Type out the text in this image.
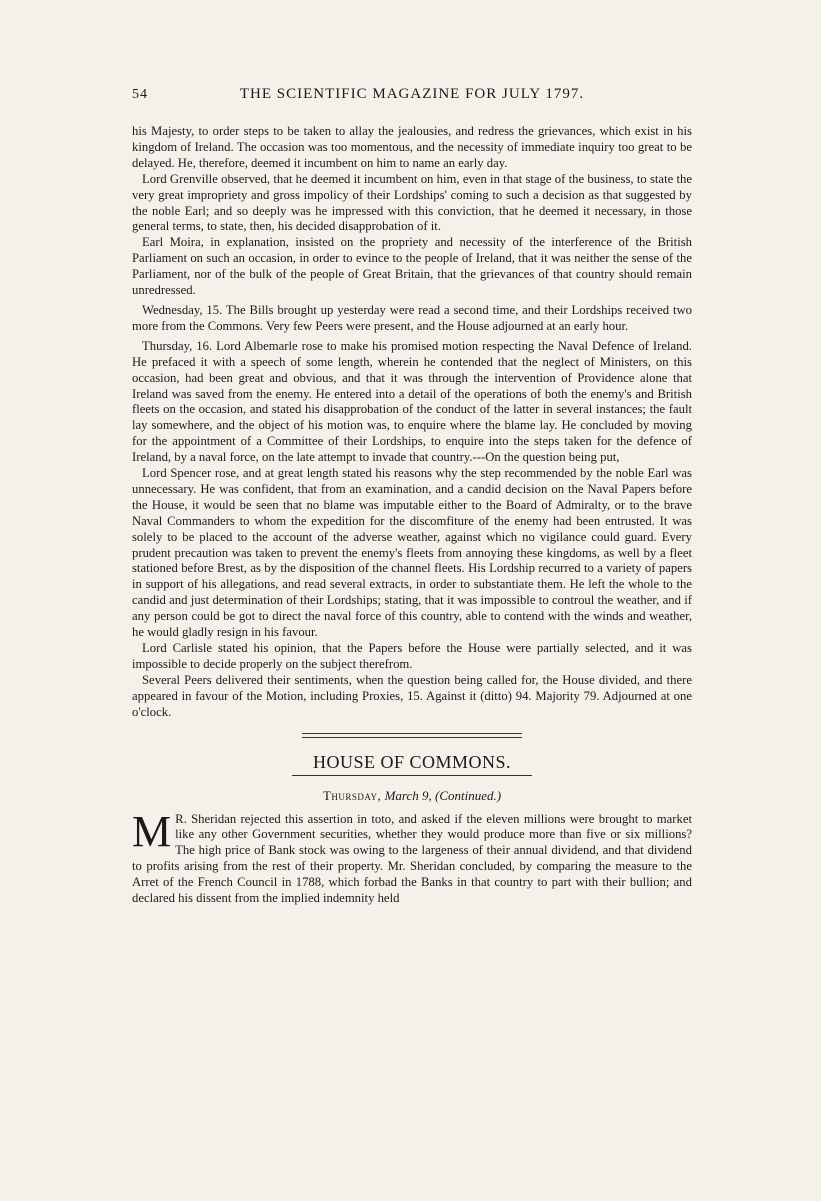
54	THE SCIENTIFIC MAGAZINE FOR JULY 1797.

his Majesty, to order steps to be taken to allay the jealousies, and redress the grievances, which exist in his kingdom of Ireland. The occasion was too momentous, and the necessity of immediate inquiry too great to be delayed. He, therefore, deemed it incumbent on him to name an early day.

Lord Grenville observed, that he deemed it incumbent on him, even in that stage of the business, to state the very great impropriety and gross impolicy of their Lordships' coming to such a decision as that suggested by the noble Earl; and so deeply was he impressed with this conviction, that he deemed it necessary, in those general terms, to state, then, his decided disapprobation of it.

Earl Moira, in explanation, insisted on the propriety and necessity of the interference of the British Parliament on such an occasion, in order to evince to the people of Ireland, that it was neither the sense of the Parliament, nor of the bulk of the people of Great Britain, that the grievances of that country should remain unredressed.

Wednesday, 15. The Bills brought up yesterday were read a second time, and their Lordships received two more from the Commons. Very few Peers were present, and the House adjourned at an early hour.

Thursday, 16. Lord Albemarle rose to make his promised motion respecting the Naval Defence of Ireland. He prefaced it with a speech of some length, wherein he contended that the neglect of Ministers, on this occasion, had been great and obvious, and that it was through the intervention of Providence alone that Ireland was saved from the enemy. He entered into a detail of the operations of both the enemy's and British fleets on the occasion, and stated his disapprobation of the conduct of the latter in several instances; the fault lay somewhere, and the object of his motion was, to enquire where the blame lay. He concluded by moving for the appointment of a Committee of their Lordships, to enquire into the steps taken for the defence of Ireland, by a naval force, on the late attempt to invade that country.---On the question being put,

Lord Spencer rose, and at great length stated his reasons why the step recommended by the noble Earl was unnecessary. He was confident, that from an examination, and a candid decision on the Naval Papers before the House, it would be seen that no blame was imputable either to the Board of Admiralty, or to the brave Naval Commanders to whom the expedition for the discomfiture of the enemy had been entrusted. It was solely to be placed to the account of the adverse weather, against which no vigilance could guard. Every prudent precaution was taken to prevent the enemy's fleets from annoying these kingdoms, as well by a fleet stationed before Brest, as by the disposition of the channel fleets. His Lordship recurred to a variety of papers in support of his allegations, and read several extracts, in order to substantiate them. He left the whole to the candid and just determination of their Lordships; stating, that it was impossible to controul the weather, and if any person could be got to direct the naval force of this country, able to contend with the winds and weather, he would gladly resign in his favour.

Lord Carlisle stated his opinion, that the Papers before the House were partially selected, and it was impossible to decide properly on the subject therefrom.

Several Peers delivered their sentiments, when the question being called for, the House divided, and there appeared in favour of the Motion, including Proxies, 15. Against it (ditto) 94. Majority 79. Adjourned at one o'clock.

HOUSE OF COMMONS.
Thursday, March 9, (Continued.)
M R. Sheridan rejected this assertion in toto, and asked if the eleven millions were brought to market like any other Government securities, whether they would produce more than five or six millions? The high price of Bank stock was owing to the largeness of their annual dividend, and that dividend to profits arising from the rest of their property. Mr. Sheridan concluded, by comparing the measure to the Arret of the French Council in 1788, which forbad the Banks in that country to part with their bullion; and declared his dissent from the implied indemnity held
